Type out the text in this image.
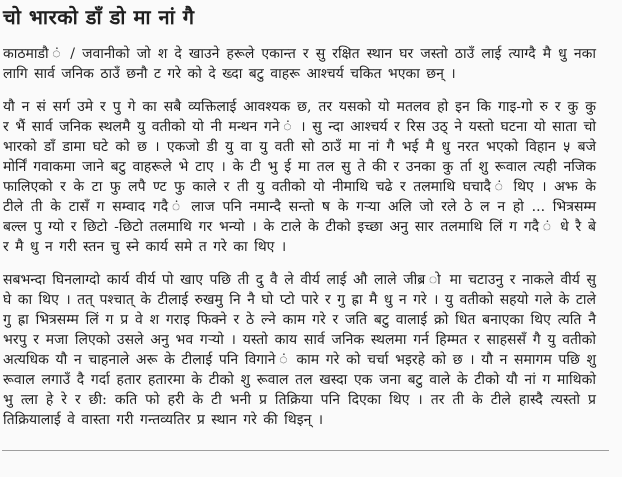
चो भारको डाँ डो मा नां गै

काठमाडौ ं / जवानीको जो श दे खाउने हरूले एकान्त र सु रक्षित स्थान घर जस्तो ठाउँ लाई त्याग्दै मै धु नका लागि सार्व जनिक ठाउँ छनौ ट गरे को दे ख्दा बटु वाहरू आश्चर्य चकित भएका छन् ।

यौ न सं सर्ग उमे र पु गे का सबै व्यक्तिलाई आवश्यक छ, तर यसको यो मतलव हो इन कि गाइ-गो रु र कु कु र भैं सार्व जनिक स्थलमै यु वतीको यो नी मन्थन गने ं । सु न्दा आश्चर्य र रिस उठ् ने यस्तो घटना यो साता चो भारको डाँ डामा घटे को छ । एकजो डी यु वा यु वती सो ठाउँ मा नां गै भई मै धु नरत भएको विहान ५ बजे मोर्निं गवाकमा जाने बटु वाहरूले भे टाए । के टी भु ई मा तल सु ते की र उनका कु र्ता शु रूवाल त्यही नजिक फालिएको र के टा फु लपै ण्ट फु काले र ती यु वतीको यो नीमाथि चढे र तलमाथि घचादै ं थिए । अझ के टीले ती के टासँ ग सम्वाद गदै ं लाज पनि नमान्दै सन्तो ष के गऱ्या अलि जो रले ठे ल न हो ... भित्रसम्म बल्ल पु ग्यो र छिटो -छिटो तलमाथि गर भन्यो । के टाले के टीको इच्छा अनु सार तलमाथि लिं ग गदै ं धे रै बे र मै धु न गरी स्तन चु स्ने कार्य समे त गरे का थिए ।

सबभन्दा घिनलाग्दो कार्य वीर्य पो खाए पछि ती दु वै ले वीर्य लाई औ लाले जीब्र ो मा चटाउनु र नाकले वीर्य सु घे का थिए । तत् पश्चात् के टीलाई रुखमु नि नै घो प्टो पारे र गु ह्रा मै धु न गरे । यु वतीको सहयो गले के टाले गु ह्रा भित्रसम्म लिं ग प्र वे श गराइ फिक्ने र ठे ल्ने काम गरे र जति बटु वालाई क्रो धित बनाएका थिए त्यति नै भरपु र मजा लिएको उसले अनु भव गऱ्यो । यस्तो काय सार्व जनिक स्थलमा गर्न हिम्मत र साहससँ गै यु वतीको अत्यधिक यौ न चाहनाले अरू के टीलाई पनि विगाने ं काम गरे को चर्चा भइरहे को छ । यौ न समागम पछि शु रूवाल लगाउँ दै गर्दा हतार हतारमा के टीको शु रूवाल तल खस्दा एक जना बटु वाले के टीको यौ नां ग माथिको भु त्ला हे रे र छी: कति फो हरी के टी भनी प्र तिक्रिया पनि दिएका थिए । तर ती के टीले हास्दै त्यस्तो प्र तिक्रियालाई वे वास्ता गरी गन्तव्यतिर प्र स्थान गरे की थिइन् ।
